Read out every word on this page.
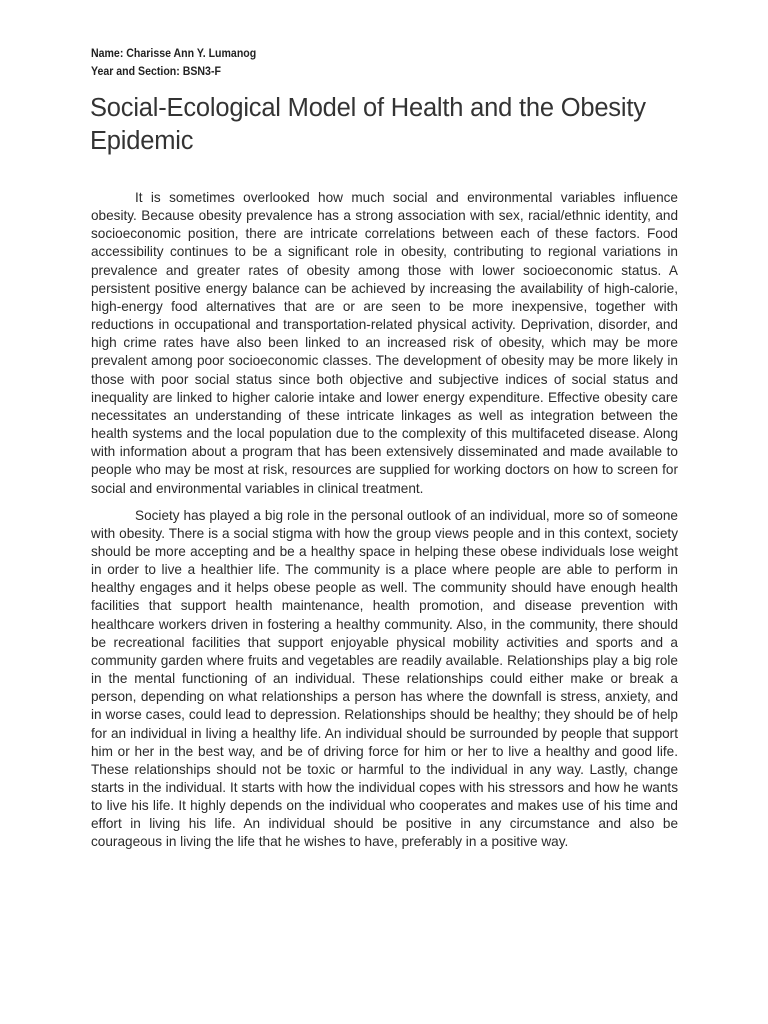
Name: Charisse Ann Y. Lumanog
Year and Section: BSN3-F
Social-Ecological Model of Health and the Obesity Epidemic

It is sometimes overlooked how much social and environmental variables influence obesity. Because obesity prevalence has a strong association with sex, racial/ethnic identity, and socioeconomic position, there are intricate correlations between each of these factors. Food accessibility continues to be a significant role in obesity, contributing to regional variations in prevalence and greater rates of obesity among those with lower socioeconomic status. A persistent positive energy balance can be achieved by increasing the availability of high-calorie, high-energy food alternatives that are or are seen to be more inexpensive, together with reductions in occupational and transportation-related physical activity. Deprivation, disorder, and high crime rates have also been linked to an increased risk of obesity, which may be more prevalent among poor socioeconomic classes. The development of obesity may be more likely in those with poor social status since both objective and subjective indices of social status and inequality are linked to higher calorie intake and lower energy expenditure. Effective obesity care necessitates an understanding of these intricate linkages as well as integration between the health systems and the local population due to the complexity of this multifaceted disease. Along with information about a program that has been extensively disseminated and made available to people who may be most at risk, resources are supplied for working doctors on how to screen for social and environmental variables in clinical treatment.

Society has played a big role in the personal outlook of an individual, more so of someone with obesity. There is a social stigma with how the group views people and in this context, society should be more accepting and be a healthy space in helping these obese individuals lose weight in order to live a healthier life. The community is a place where people are able to perform in healthy engages and it helps obese people as well. The community should have enough health facilities that support health maintenance, health promotion, and disease prevention with healthcare workers driven in fostering a healthy community. Also, in the community, there should be recreational facilities that support enjoyable physical mobility activities and sports and a community garden where fruits and vegetables are readily available. Relationships play a big role in the mental functioning of an individual. These relationships could either make or break a person, depending on what relationships a person has where the downfall is stress, anxiety, and in worse cases, could lead to depression. Relationships should be healthy; they should be of help for an individual in living a healthy life. An individual should be surrounded by people that support him or her in the best way, and be of driving force for him or her to live a healthy and good life. These relationships should not be toxic or harmful to the individual in any way. Lastly, change starts in the individual. It starts with how the individual copes with his stressors and how he wants to live his life. It highly depends on the individual who cooperates and makes use of his time and effort in living his life. An individual should be positive in any circumstance and also be courageous in living the life that he wishes to have, preferably in a positive way.
